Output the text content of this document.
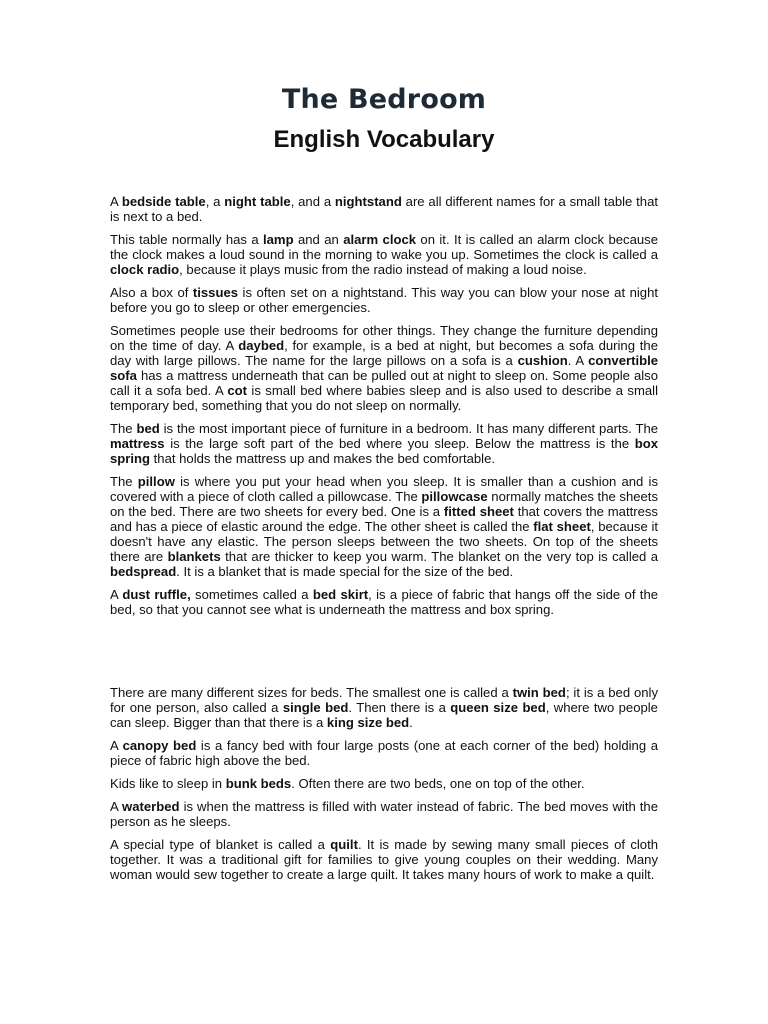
The Bedroom
English Vocabulary

A bedside table, a night table, and a nightstand are all different names for a small table that is next to a bed.

This table normally has a lamp and an alarm clock on it. It is called an alarm clock because the clock makes a loud sound in the morning to wake you up. Sometimes the clock is called a clock radio, because it plays music from the radio instead of making a loud noise.

Also a box of tissues is often set on a nightstand. This way you can blow your nose at night before you go to sleep or other emergencies.

Sometimes people use their bedrooms for other things. They change the furniture depending on the time of day. A daybed, for example, is a bed at night, but becomes a sofa during the day with large pillows. The name for the large pillows on a sofa is a cushion. A convertible sofa has a mattress underneath that can be pulled out at night to sleep on. Some people also call it a sofa bed. A cot is small bed where babies sleep and is also used to describe a small temporary bed, something that you do not sleep on normally.

The bed is the most important piece of furniture in a bedroom. It has many different parts. The mattress is the large soft part of the bed where you sleep. Below the mattress is the box spring that holds the mattress up and makes the bed comfortable.

The pillow is where you put your head when you sleep. It is smaller than a cushion and is covered with a piece of cloth called a pillowcase. The pillowcase normally matches the sheets on the bed. There are two sheets for every bed. One is a fitted sheet that covers the mattress and has a piece of elastic around the edge. The other sheet is called the flat sheet, because it doesn't have any elastic. The person sleeps between the two sheets. On top of the sheets there are blankets that are thicker to keep you warm. The blanket on the very top is called a bedspread. It is a blanket that is made special for the size of the bed.

A dust ruffle, sometimes called a bed skirt, is a piece of fabric that hangs off the side of the bed, so that you cannot see what is underneath the mattress and box spring.

There are many different sizes for beds. The smallest one is called a twin bed; it is a bed only for one person, also called a single bed. Then there is a queen size bed, where two people can sleep. Bigger than that there is a king size bed.

A canopy bed is a fancy bed with four large posts (one at each corner of the bed) holding a piece of fabric high above the bed.

Kids like to sleep in bunk beds. Often there are two beds, one on top of the other.

A waterbed is when the mattress is filled with water instead of fabric. The bed moves with the person as he sleeps.

A special type of blanket is called a quilt. It is made by sewing many small pieces of cloth together. It was a traditional gift for families to give young couples on their wedding. Many woman would sew together to create a large quilt. It takes many hours of work to make a quilt.
